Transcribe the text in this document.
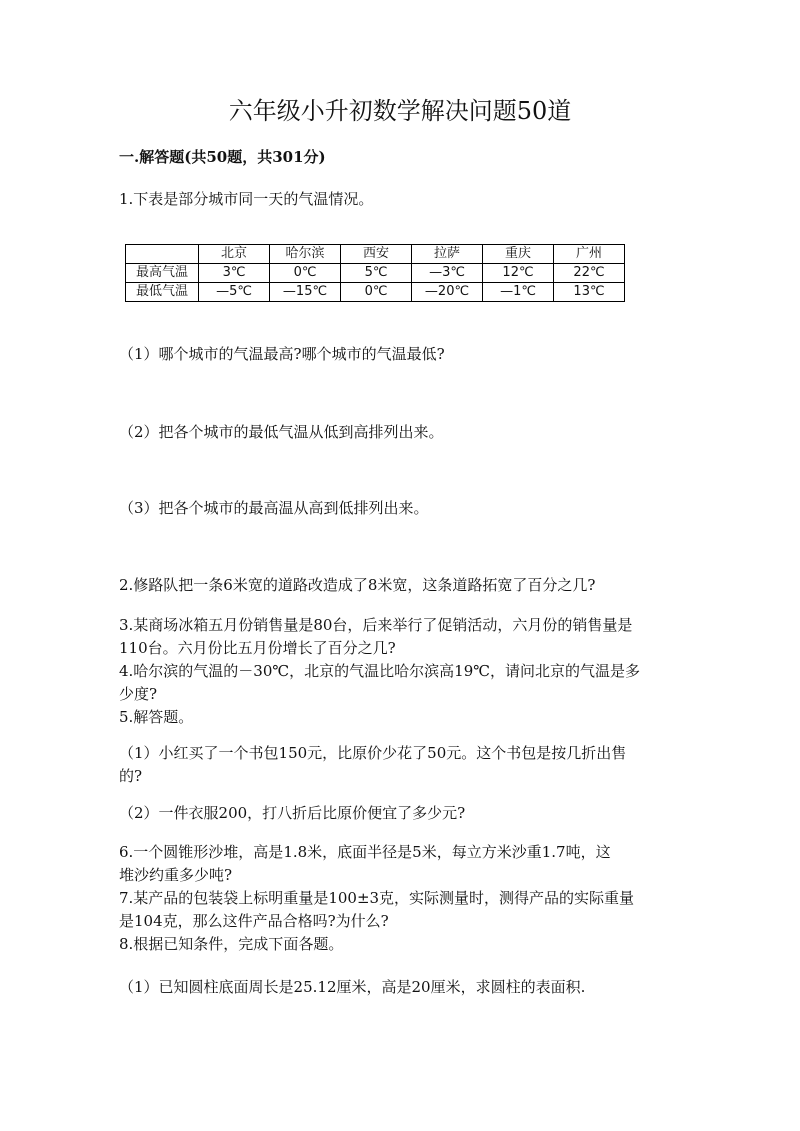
六年级小升初数学解决问题50道
一.解答题(共50题，共301分)
1.下表是部分城市同一天的气温情况。
	北京	哈尔滨	西安	拉萨	重庆	广州
最高气温	3℃	0℃	5℃	—3℃	12℃	22℃
最低气温	—5℃	—15℃	0℃	—20℃	—1℃	13℃
（1）哪个城市的气温最高?哪个城市的气温最低?
（2）把各个城市的最低气温从低到高排列出来。
（3）把各个城市的最高温从高到低排列出来。
2.修路队把一条6米宽的道路改造成了8米宽，这条道路拓宽了百分之几?
3.某商场冰箱五月份销售量是80台，后来举行了促销活动，六月份的销售量是
110台。六月份比五月份增长了百分之几?
4.哈尔滨的气温的－30℃，北京的气温比哈尔滨高19℃，请问北京的气温是多
少度?
5.解答题。
（1）小红买了一个书包150元，比原价少花了50元。这个书包是按几折出售
的?
（2）一件衣服200，打八折后比原价便宜了多少元?
6.一个圆锥形沙堆，高是1.8米，底面半径是5米，每立方米沙重1.7吨，这
堆沙约重多少吨?
7.某产品的包装袋上标明重量是100±3克，实际测量时，测得产品的实际重量
是104克，那么这件产品合格吗?为什么?
8.根据已知条件，完成下面各题。
（1）已知圆柱底面周长是25.12厘米，高是20厘米，求圆柱的表面积.
